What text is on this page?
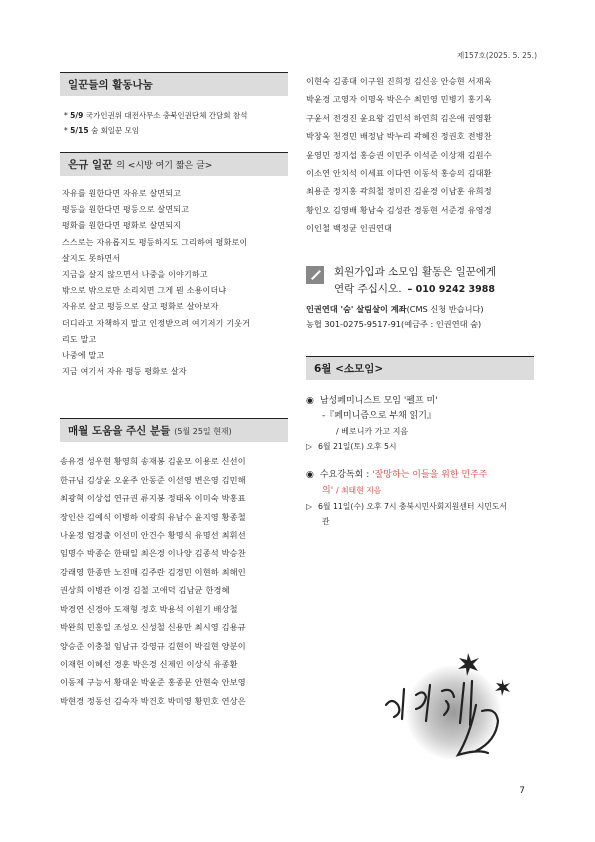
제157호(2025. 5. 25.)
일꾼들의 활동나눔
* 5/9 국가인권위 대전사무소 충북인권단체 간담회 참석
* 5/15 숨 회일꾼 모임
은규 일꾼 의 <시방 여기 짧은 글>
자유를 원한다면 자유로 살면되고
평등을 원한다면 평등으로 살면되고
평화를 원한다면 평화로 살면되지
스스로는 자유롭지도 평등하지도 그리하여 평화로이
살지도 못하면서
지금을 살지 않으면서 나중을 이야기하고
밖으로 밖으로만 소리치면 그게 뭔 소용이더냐
자유로 살고 평등으로 살고 평화로 살아보자
더디라고 자책하지 말고 인정받으려 여기저기 기웃거
리도 말고
나중에 말고
지금 여기서 자유 평등 평화로 살자
매월 도움을 주신 분들 (5월 25일 현재)
송유경 성우현 황영희 송재봉 김윤모 이용로 신선이
한규님 김상윤 오윤주 안동준 이선영 변은영 김민해
최광혁 이상섭 연규권 류지봉 정태옥 이미숙 박홍표
장인산 김예식 이병하 이광희 유남수 윤지영 황종철
나윤정 엄경출 이선미 안건수 황명식 유명선 최휘선
임명수 박종순 한태일 최은경 이나양 김종석 박승찬
강래영 한종만 노진매 김주란 김경민 이현하 최해인
권상희 이병관 이경 김철 고애덕 김남균 한경혜
박경연 신경아 도재형 정호 박용석 이원기 배상철
박완희 민홍일 조성오 신성철 신용만 최시영 김용규
양승준 이충철 임남규 강영규 김현이 박길현 양분이
이재헌 이혜선 경훈 박은경 신제인 이상식 유종환
이동제 구능서 황대운 박윤준 홍종문 안현숙 안보영
박현경 정동선 김숙자 박건호 박미영 황민호 연상은
이현숙 김종대 이구원 진희정 김신응 안승현 서재욱
박윤경 고영자 이명옥 박은수 최민영 민병기 홍기옥
구윤서 전경진 윤요왕 김민석 하연희 김은애 권영환
박창욱 천경민 배정남 박누리 곽혜진 정권호 전병찬
윤영민 정지섭 홍승권 이민주 이석준 이상재 김원수
이소연 안치석 이세표 이다연 이동석 홍승의 김대환
최용준 정지홍 곽희철 정미진 김윤경 이남훈 유희정
황인오 김영배 황남숙 김성관 경동현 서준경 유영경
이인철 백정균 인권연대
회원가입과 소모임 활동은 일꾼에게
연락 주십시오. – 010 9242 3988
인권연대 '숨' 살림살이 계좌(CMS 신청 반습니다)
농협 301-0275-9517-91(예금주 : 인권연대 숨)
6월 <소모임>
◉ 남성페미니스트 모임 '펠프 미'
-『페미니즘으로 부채 읽기』
/ 베로니카 가고 지음
▷ 6월 21일(토) 오후 5시
◉ 수요강독회 : '잘망하는 이들을 위한 민주주
의' / 최태현 지음
▷ 6월 11일(수) 오후 7시 충북시민사회지원센터 시민도서
관
7
